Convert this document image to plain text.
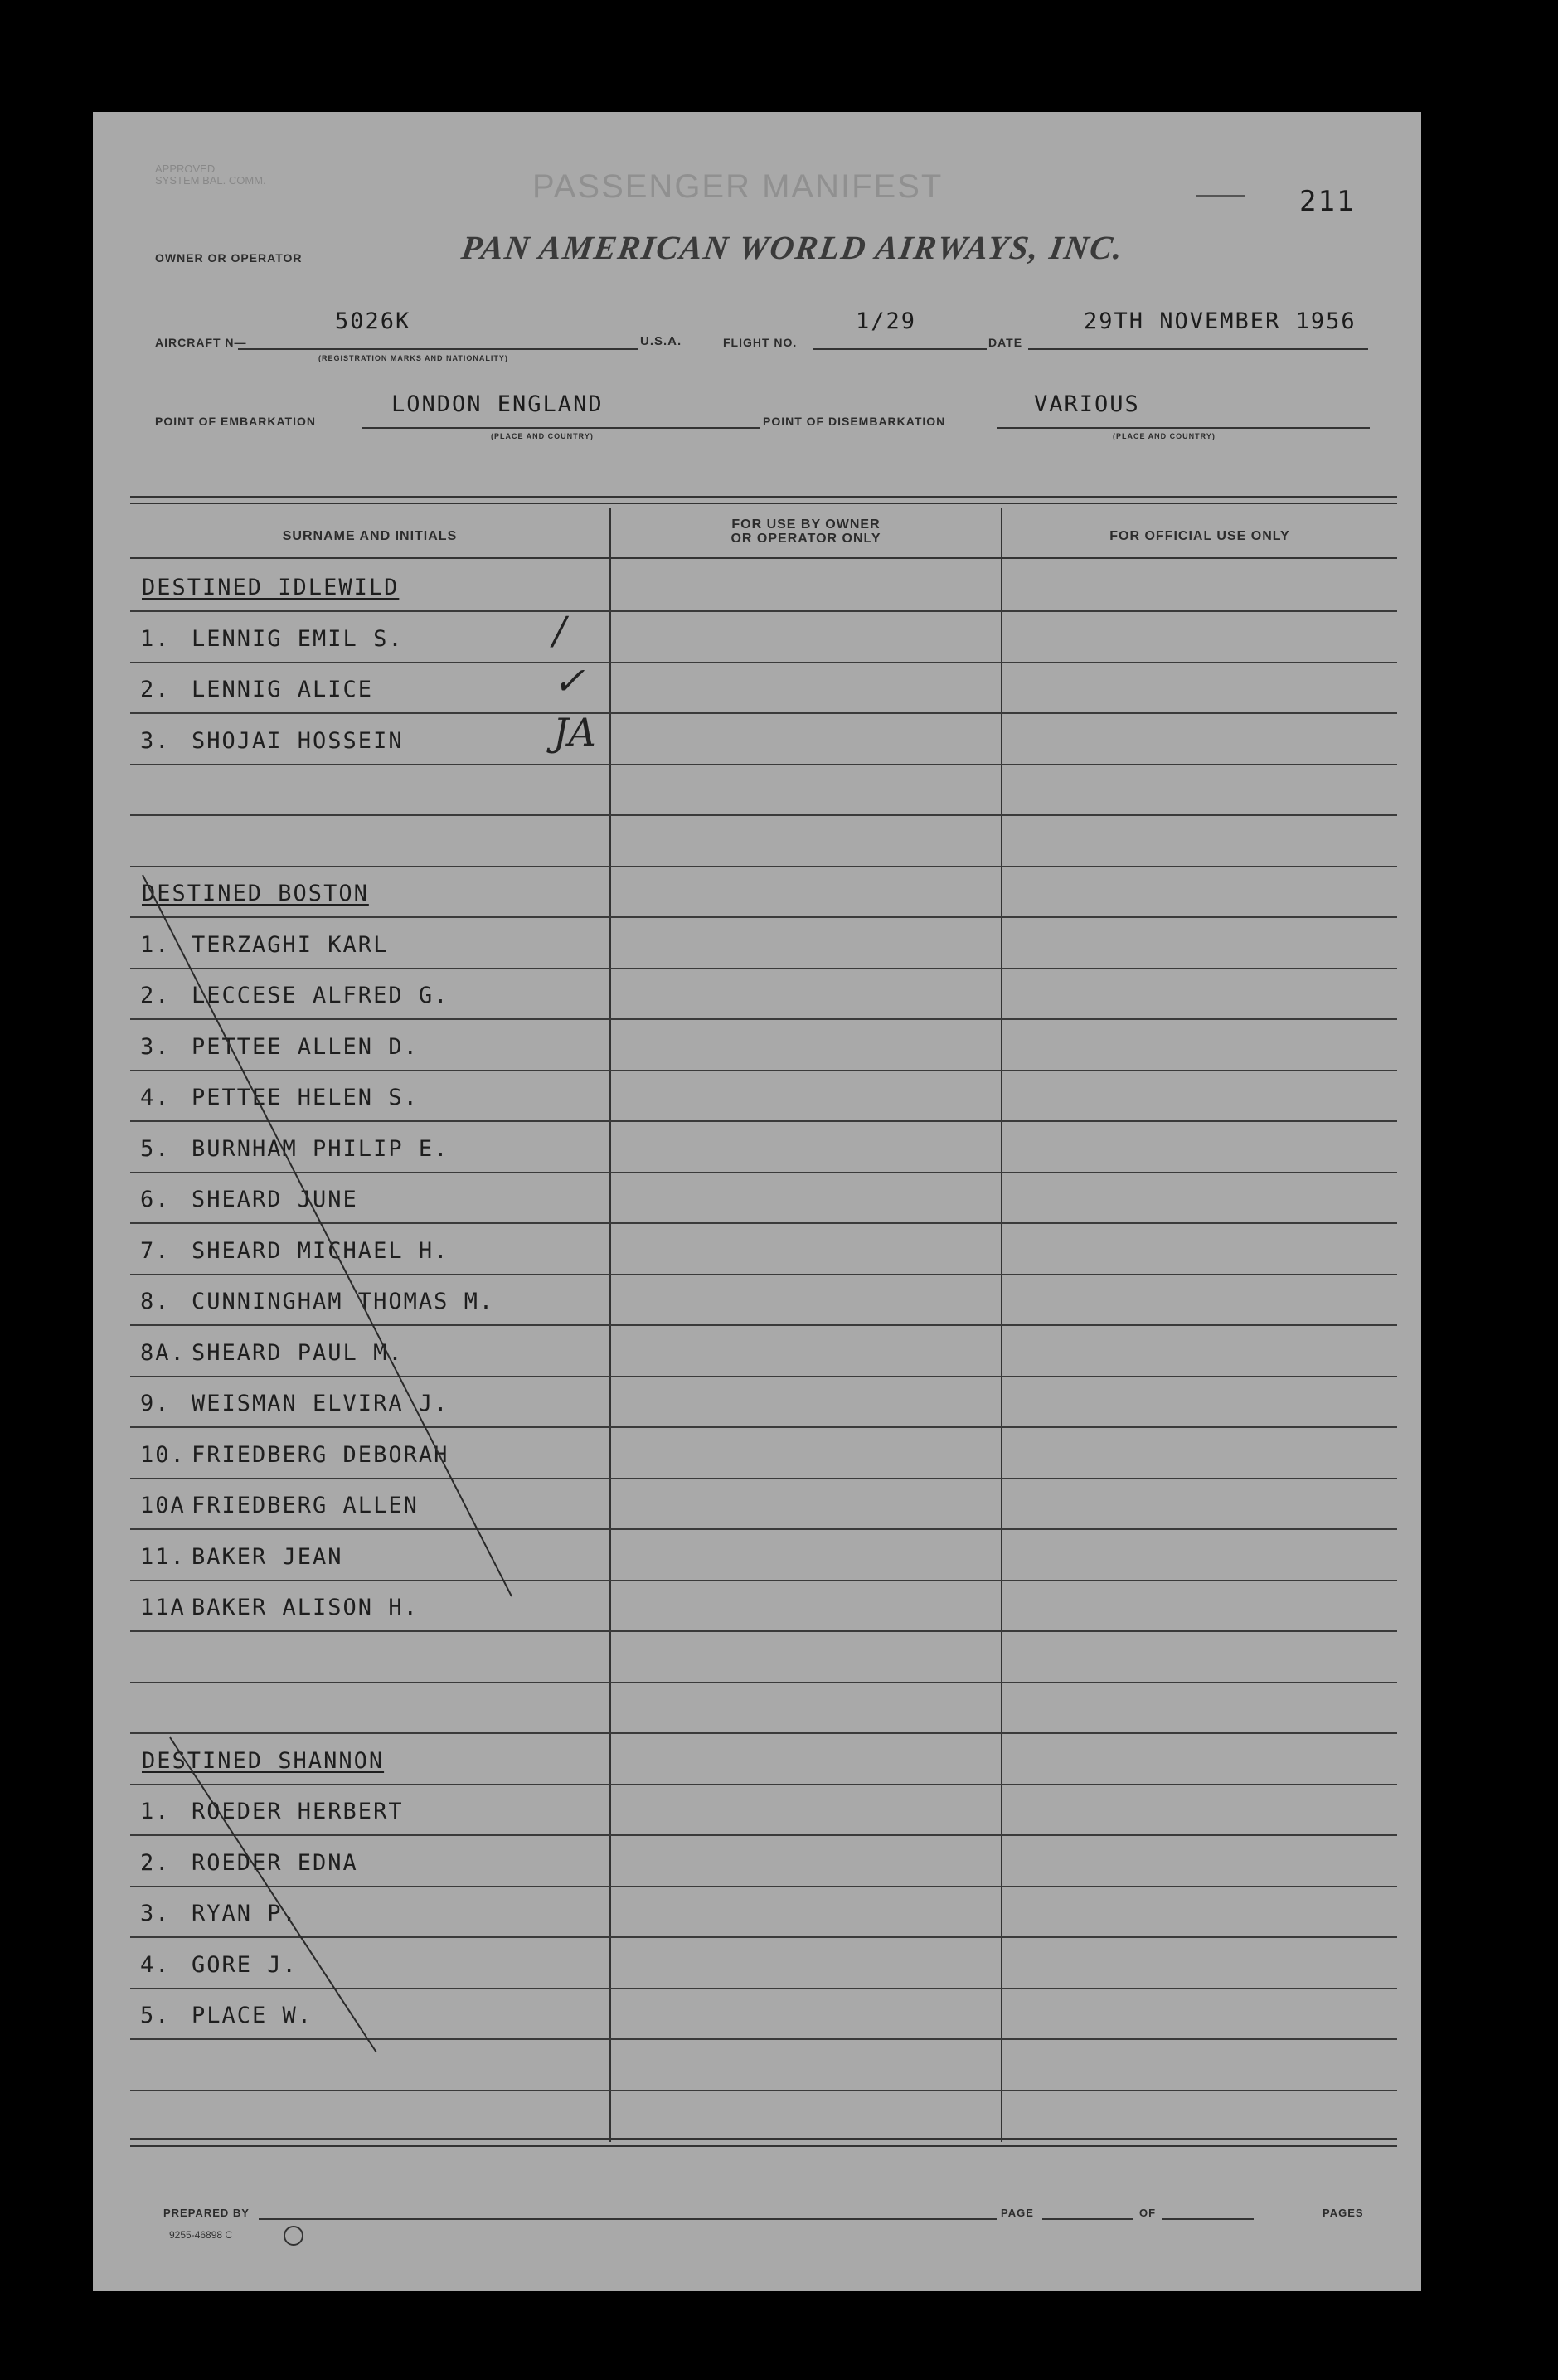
APPROVED
SYSTEM BAL. COMM.	PASSENGER MANIFEST	211
OWNER OR OPERATOR	PAN AMERICAN WORLD AIRWAYS, INC.
AIRCRAFT N—
5026K
(REGISTRATION MARKS AND NATIONALITY)
U.S.A.	FLIGHT NO.
1/29
DATE
29TH NOVEMBER 1956
POINT OF EMBARKATION
LONDON ENGLAND
(PLACE AND COUNTRY)
POINT OF DISEMBARKATION
VARIOUS
(PLACE AND COUNTRY)
SURNAME AND INITIALS
FOR USE BY OWNER
OR OPERATOR ONLY	FOR OFFICIAL USE ONLY
DESTINED IDLEWILD
1. LENNIG EMIL S.	/
2. LENNIG ALICE	✓
3. SHOJAI HOSSEIN	JA
DESTINED BOSTON
1. TERZAGHI KARL
2. LECCESE ALFRED G.
3. PETTEE ALLEN D.
4. PETTEE HELEN S.
5. BURNHAM PHILIP E.
6. SHEARD JUNE
7. SHEARD MICHAEL H.
8. CUNNINGHAM THOMAS M.
8A. SHEARD PAUL M.
9. WEISMAN ELVIRA J.
10. FRIEDBERG DEBORAH
10A FRIEDBERG ALLEN
11. BAKER JEAN
11A BAKER ALISON H.
DESTINED SHANNON
1. ROEDER HERBERT
2. ROEDER EDNA
3. RYAN P.
4. GORE J.
5. PLACE W.
PREPARED BY
9255-46898 C
PAGE	OF	PAGES
